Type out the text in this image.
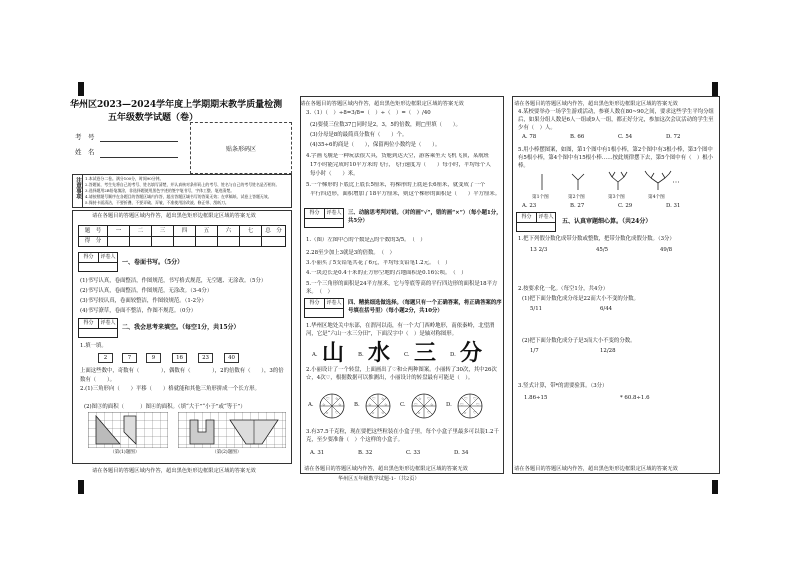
请在各题目的答题区域内作答，超出黑色矩形边框限定区域的答案无效	请在各题目的答题区域内作答，超出黑色矩形边框限定区域的答案无效
华州区2023—2024学年度上学期期末教学质量检测
五年级数学试题（卷）
考　号
姓　名	贴条形码区
注意事项 1.本试卷分二卷。满分100分，时间90分钟。
2.答题前，考生先将自己的考号、姓名填写清楚，并认真核对条形码上的考号、姓名与自己的考号姓名是否相符。
3.选择题用2B铅笔填涂，非选择题使用黑色字迹的签字笔书写，字体工整、笔迹清楚。
4.请按照题号顺序在各题目的答题区域内作答，超出答题区域书写的答案无效；在草稿纸、试卷上答题无效。
5.保持卡面清洁，不要折叠、不要弄破、弄皱，不准使用涂改液、修正带、刮纸刀。
请在各题目的答题区域内作答，超出黑色矩形边框限定区域的答案无效
题　号	一	二	三	四	五	六	七	总　分
得　分
得分	评卷人
一、卷面书写。（5分）
(1)书写认真，卷面整洁，作图规范，书写格式规范，无空题、无涂改。（5分）
(2)书写认真，卷面整洁，作图规范，无涂改。（3-4分）
(3)书写较认真，卷面较整洁，作图较规范。（1-2分）
(4)书写潦草，卷面不整洁，作图不规范。（0分）
得分	评卷人
二、我会思考来填空。（每空1分，共15分）
1.填一填。
2	7	9	16	23	40
上面这些数中，奇数有（　　　　），偶数有（　　　　），2的倍数有（　　），3的倍数有（　　）。
2.(1)三角形向（　　）平移（　　）格就能和其他三角形拼成一个长方形。
(2)图③的面积（　　　）图④的面积。（填“大于”“小于”或“等于”）
（第(1)题图）	（第(2)题图）
请在各题目的答题区域内作答，超出黑色矩形边框限定区域的答案无效
3.（1）（　）÷8=3/8=（　）÷（　）=（　）/40
(2)要使三位数37□同时是2，3，5的倍数，则□里填（　　）。
(3)分母是8的最简真分数有（　　）个。
(4)35÷6的商是（　　），保留两位小数约是（　　）。
4.字画飞舰是一种玩法很大具，货舱到达天空，游客乘坐天飞机飞顶，某航班
17小时能完成时10平方米的飞行，飞行速度为（　　）每小时，平均每个人
每小时（　　）米。
5.一个梯形的下底比上底长5厘米，将梯形的上底延长6厘米，就变成了一个
平行四边形，面积增加了18平方厘米，则这个梯形的面积是（　　）平方厘米。
得分	评卷人 三、动脑思考判对错。（对的画“√”，错的画“×”）（每小题1分，共5分）
1.（图）左图中○的个数是△的个数的3/5。　（　）
2.28至少加上3就是3的倍数。　（　）
3.小丽买了5支铅笔共花了6元，平均每支铅笔1.2元。　（　）
4.一块边长是0.4千米的正方形空地的占地面积是0.16公顷。　（　）
5.一个三角形的面积是24平方厘米，它与等底等高的平行四边形的面积是18平方米。　（　）
得分	评卷人 四、精挑细选做选择。（每题只有一个正确答案，将正确答案的序号填在括号里）（每小题2分，共10分）
1.华州区地处关中东部，在渭河以南，有一个大门西岭地形，南依秦岭，北望渭河，它是“六山一水三分田”，下面汉字中（　）是轴对称图形。
A. 山	B. 水	C. 三	D. 分
2.小丽设计了一个转盘，上面画出了♡和☆两种图案。小丽转了30次，其中26次☆，4次♡，根据数据可以推测出，小丽设计的转盘最有可能是（　）。
A.
☆
☆
♡
☆
☆
♡
B.
☆
☆
☆
☆
☆
♡
C.
♡
☆
♡
☆
♡
☆
D.
♡
♡
♡
☆
♡
♡
3.有37.5千克粒，现在要把这些粒装在小盒子里，每个小盒子里最多可以装1.2千克，至少要准备（　）个这样的小盒子。
A. 31	B. 32	C. 33	D. 34
请在各题目的答题区域内作答，超出黑色矩形边框限定区域的答案无效
4.某校要举办一场学生游戏活动，参赛人数在80~90之间，要求这些学生平均分组后，如果分组人数是6人一组或9人一组，都正好分完，参加这次会议活动的学生至少有（　）人。
A. 78	B. 66	C. 54	D. 72
5.用小棒摆图案，如图，第1个图中有1根小棒，第2个图中有3根小棒，第3个图中有5根小棒，第4个图中有15根小棒……按此规律摆下去，第5个图中有（　）根小棒。
第1个图	第2个图	第3个图	第4个图
A. 23	B. 27	C. 29	D. 31
得分	评卷人
五、认真审题细心算。（共24分）
1.把下列假分数化成带分数或整数，把带分数化成假分数。（3分）
13 2/3	45/5	49/8
2.按要求化一化。（每空1分，共4分）
(1)把下面分数化成分母是22而大小不变的分数。
5/11	6/44
(2)把下面分数化成分子是3而大小不变的分数。
1/7	12/28
3.竖式计算，带*的需要验算。（3分）
1.86÷15	* 60.8÷1.6
请在各题目的答题区域内作答，超出黑色矩形边框限定区域的答案无效
华州区五年级数学试题-1-（共2页）
